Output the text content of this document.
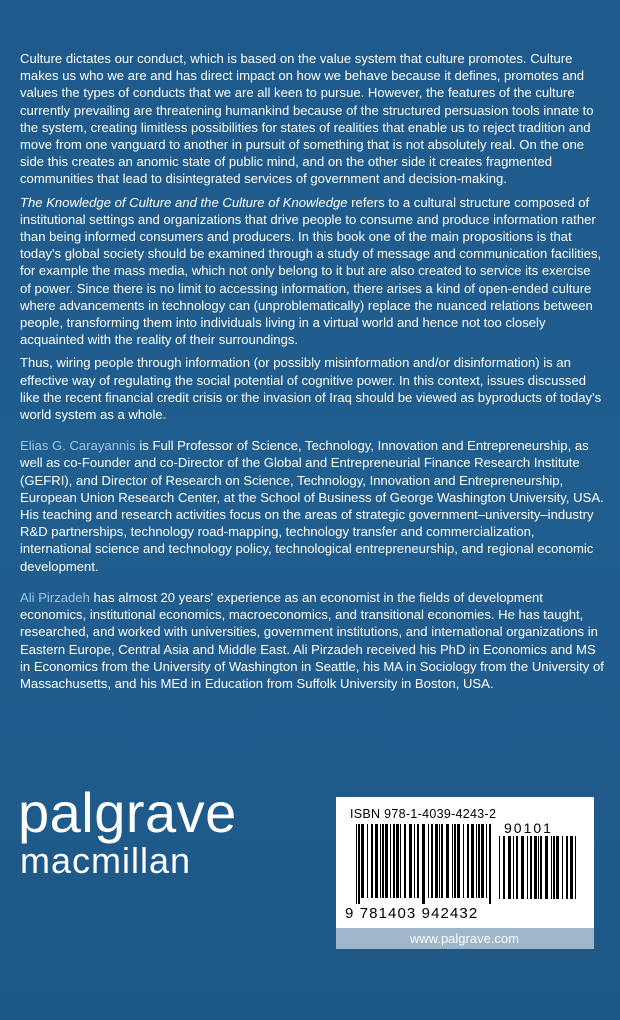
Culture dictates our conduct, which is based on the value system that culture promotes. Culture makes us who we are and has direct impact on how we behave because it defines, promotes and values the types of conducts that we are all keen to pursue. However, the features of the culture currently prevailing are threatening humankind because of the structured persuasion tools innate to the system, creating limitless possibilities for states of realities that enable us to reject tradition and move from one vanguard to another in pursuit of something that is not absolutely real. On the one side this creates an anomic state of public mind, and on the other side it creates fragmented communities that lead to disintegrated services of government and decision-making.

The Knowledge of Culture and the Culture of Knowledge refers to a cultural structure composed of institutional settings and organizations that drive people to consume and produce information rather than being informed consumers and producers. In this book one of the main propositions is that today's global society should be examined through a study of message and communication facilities, for example the mass media, which not only belong to it but are also created to service its exercise of power. Since there is no limit to accessing information, there arises a kind of open-ended culture where advancements in technology can (unproblematically) replace the nuanced relations between people, transforming them into individuals living in a virtual world and hence not too closely acquainted with the reality of their surroundings.

Thus, wiring people through information (or possibly misinformation and/or disinformation) is an effective way of regulating the social potential of cognitive power. In this context, issues discussed like the recent financial credit crisis or the invasion of Iraq should be viewed as byproducts of today's world system as a whole.

Elias G. Carayannis is Full Professor of Science, Technology, Innovation and Entrepreneurship, as well as co-Founder and co-Director of the Global and Entrepreneurial Finance Research Institute (GEFRI), and Director of Research on Science, Technology, Innovation and Entrepreneurship, European Union Research Center, at the School of Business of George Washington University, USA. His teaching and research activities focus on the areas of strategic government–university–industry R&D partnerships, technology road-mapping, technology transfer and commercialization, international science and technology policy, technological entrepreneurship, and regional economic development.

Ali Pirzadeh has almost 20 years' experience as an economist in the fields of development economics, institutional economics, macroeconomics, and transitional economies. He has taught, researched, and worked with universities, government institutions, and international organizations in Eastern Europe, Central Asia and Middle East. Ali Pirzadeh received his PhD in Economics and MS in Economics from the University of Washington in Seattle, his MA in Sociology from the University of Massachusetts, and his MEd in Education from Suffolk University in Boston, USA.

palgrave
macmillan
ISBN 978-1-4039-4243-2
90101
9 781403 942432
www.palgrave.com
